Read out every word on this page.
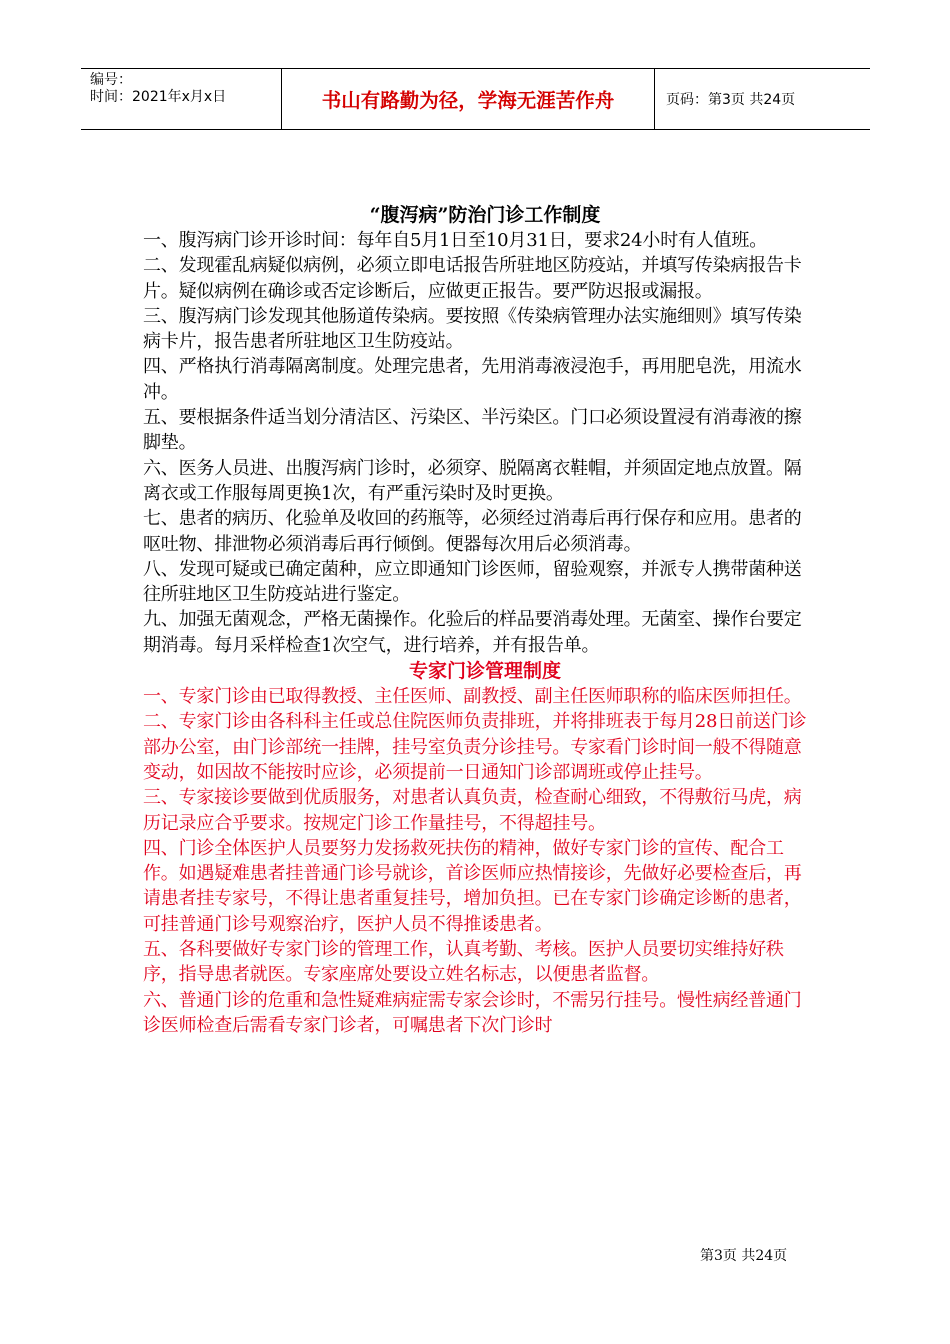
编号：
时间：2021年x月x日	书山有路勤为径，学海无涯苦作舟	页码：第3页 共24页
“腹泻病”防治门诊工作制度
一、腹泻病门诊开诊时间：每年自5月1日至10月31日，要求24小时有人值班。
二、发现霍乱病疑似病例，必须立即电话报告所驻地区防疫站，并填写传染病报告卡片。疑似病例在确诊或否定诊断后，应做更正报告。要严防迟报或漏报。
三、腹泻病门诊发现其他肠道传染病。要按照《传染病管理办法实施细则》填写传染病卡片，报告患者所驻地区卫生防疫站。
四、严格执行消毒隔离制度。处理完患者，先用消毒液浸泡手，再用肥皂洗，用流水冲。
五、要根据条件适当划分清洁区、污染区、半污染区。门口必须设置浸有消毒液的擦脚垫。
六、医务人员进、出腹泻病门诊时，必须穿、脱隔离衣鞋帽，并须固定地点放置。隔离衣或工作服每周更换1次，有严重污染时及时更换。
七、患者的病历、化验单及收回的药瓶等，必须经过消毒后再行保存和应用。患者的呕吐物、排泄物必须消毒后再行倾倒。便器每次用后必须消毒。
八、发现可疑或已确定菌种，应立即通知门诊医师，留验观察，并派专人携带菌种送往所驻地区卫生防疫站进行鉴定。
九、加强无菌观念，严格无菌操作。化验后的样品要消毒处理。无菌室、操作台要定期消毒。每月采样检查1次空气，进行培养，并有报告单。
专家门诊管理制度
一、专家门诊由已取得教授、主任医师、副教授、副主任医师职称的临床医师担任。
二、专家门诊由各科科主任或总住院医师负责排班，并将排班表于每月28日前送门诊部办公室，由门诊部统一挂牌，挂号室负责分诊挂号。专家看门诊时间一般不得随意变动，如因故不能按时应诊，必须提前一日通知门诊部调班或停止挂号。
三、专家接诊要做到优质服务，对患者认真负责，检查耐心细致，不得敷衍马虎，病历记录应合乎要求。按规定门诊工作量挂号，不得超挂号。
四、门诊全体医护人员要努力发扬救死扶伤的精神，做好专家门诊的宣传、配合工作。如遇疑难患者挂普通门诊号就诊，首诊医师应热情接诊，先做好必要检查后，再请患者挂专家号，不得让患者重复挂号，增加负担。已在专家门诊确定诊断的患者，可挂普通门诊号观察治疗，医护人员不得推诿患者。
五、各科要做好专家门诊的管理工作，认真考勤、考核。医护人员要切实维持好秩序，指导患者就医。专家座席处要设立姓名标志，以便患者监督。
六、普通门诊的危重和急性疑难病症需专家会诊时，不需另行挂号。慢性病经普通门诊医师检查后需看专家门诊者，可嘱患者下次门诊时
第3页 共24页
